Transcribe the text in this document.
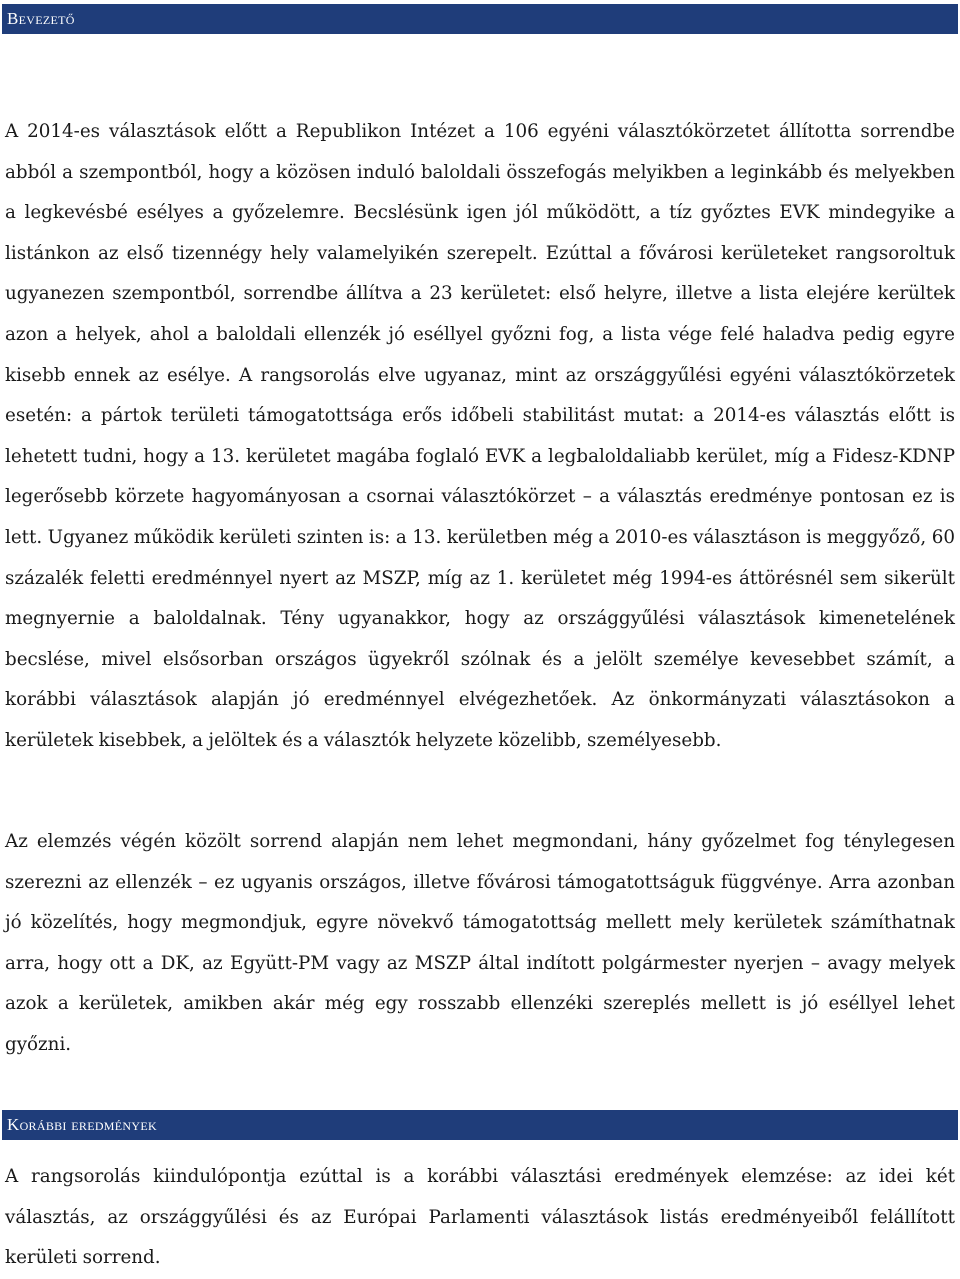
Bevezető

A 2014-es választások előtt a Republikon Intézet a 106 egyéni választókörzetet állította sorrendbe abból a szempontból, hogy a közösen induló baloldali összefogás melyikben a leginkább és melyekben a legkevésbé esélyes a győzelemre. Becslésünk igen jól működött, a tíz győztes EVK mindegyike a listánkon az első tizennégy hely valamelyikén szerepelt. Ezúttal a fővárosi kerületeket rangsoroltuk ugyanezen szempontból, sorrendbe állítva a 23 kerületet: első helyre, illetve a lista elejére kerültek azon a helyek, ahol a baloldali ellenzék jó eséllyel győzni fog, a lista vége felé haladva pedig egyre kisebb ennek az esélye. A rangsorolás elve ugyanaz, mint az országgyűlési egyéni választókörzetek esetén: a pártok területi támogatottsága erős időbeli stabilitást mutat: a 2014-es választás előtt is lehetett tudni, hogy a 13. kerületet magába foglaló EVK a legbaloldaliabb kerület, míg a Fidesz-KDNP legerősebb körzete hagyományosan a csornai választókörzet – a választás eredménye pontosan ez is lett. Ugyanez működik kerületi szinten is: a 13. kerületben még a 2010-es választáson is meggyőző, 60 százalék feletti eredménnyel nyert az MSZP, míg az 1. kerületet még 1994-es áttörésnél sem sikerült megnyernie a baloldalnak. Tény ugyanakkor, hogy az országgyűlési választások kimenetelének becslése, mivel elsősorban országos ügyekről szólnak és a jelölt személye kevesebbet számít, a korábbi választások alapján jó eredménnyel elvégezhetőek. Az önkormányzati választásokon a kerületek kisebbek, a jelöltek és a választók helyzete közelibb, személyesebb.

Az elemzés végén közölt sorrend alapján nem lehet megmondani, hány győzelmet fog ténylegesen szerezni az ellenzék – ez ugyanis országos, illetve fővárosi támogatottságuk függvénye. Arra azonban jó közelítés, hogy megmondjuk, egyre növekvő támogatottság mellett mely kerületek számíthatnak arra, hogy ott a DK, az Együtt-PM vagy az MSZP által indított polgármester nyerjen – avagy melyek azok a kerületek, amikben akár még egy rosszabb ellenzéki szereplés mellett is jó eséllyel lehet győzni.

Korábbi eredmények

A rangsorolás kiindulópontja ezúttal is a korábbi választási eredmények elemzése: az idei két választás, az országgyűlési és az Európai Parlamenti választások listás eredményeiből felállított kerületi sorrend.
